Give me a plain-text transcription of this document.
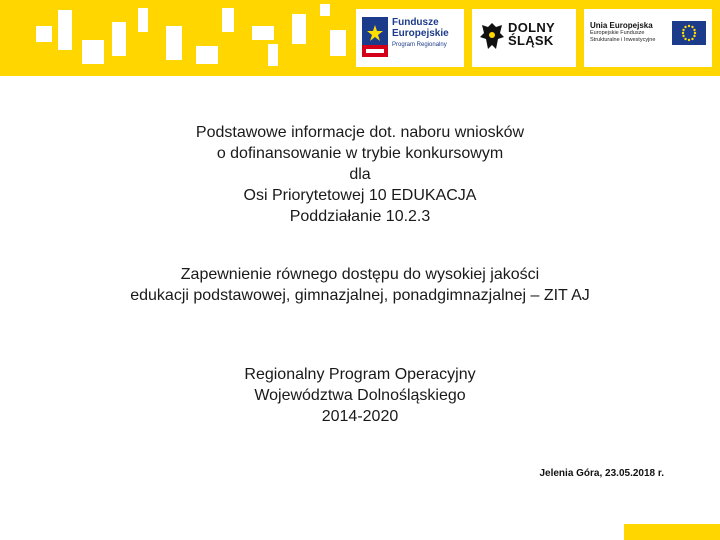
Fundusze
Europejskie
Program Regionalny
DOLNY
ŚLĄSK
Unia Europejska
Europejskie Fundusze
Strukturalne i Inwestycyjne
Podstawowe informacje dot. naboru wniosków
o dofinansowanie w trybie konkursowym
dla
Osi Priorytetowej 10 EDUKACJA
Poddziałanie 10.2.3
Zapewnienie równego dostępu do wysokiej jakości
edukacji podstawowej, gimnazjalnej, ponadgimnazjalnej – ZIT AJ
Regionalny Program Operacyjny
Województwa Dolnośląskiego
2014-2020
Jelenia Góra, 23.05.2018 r.
